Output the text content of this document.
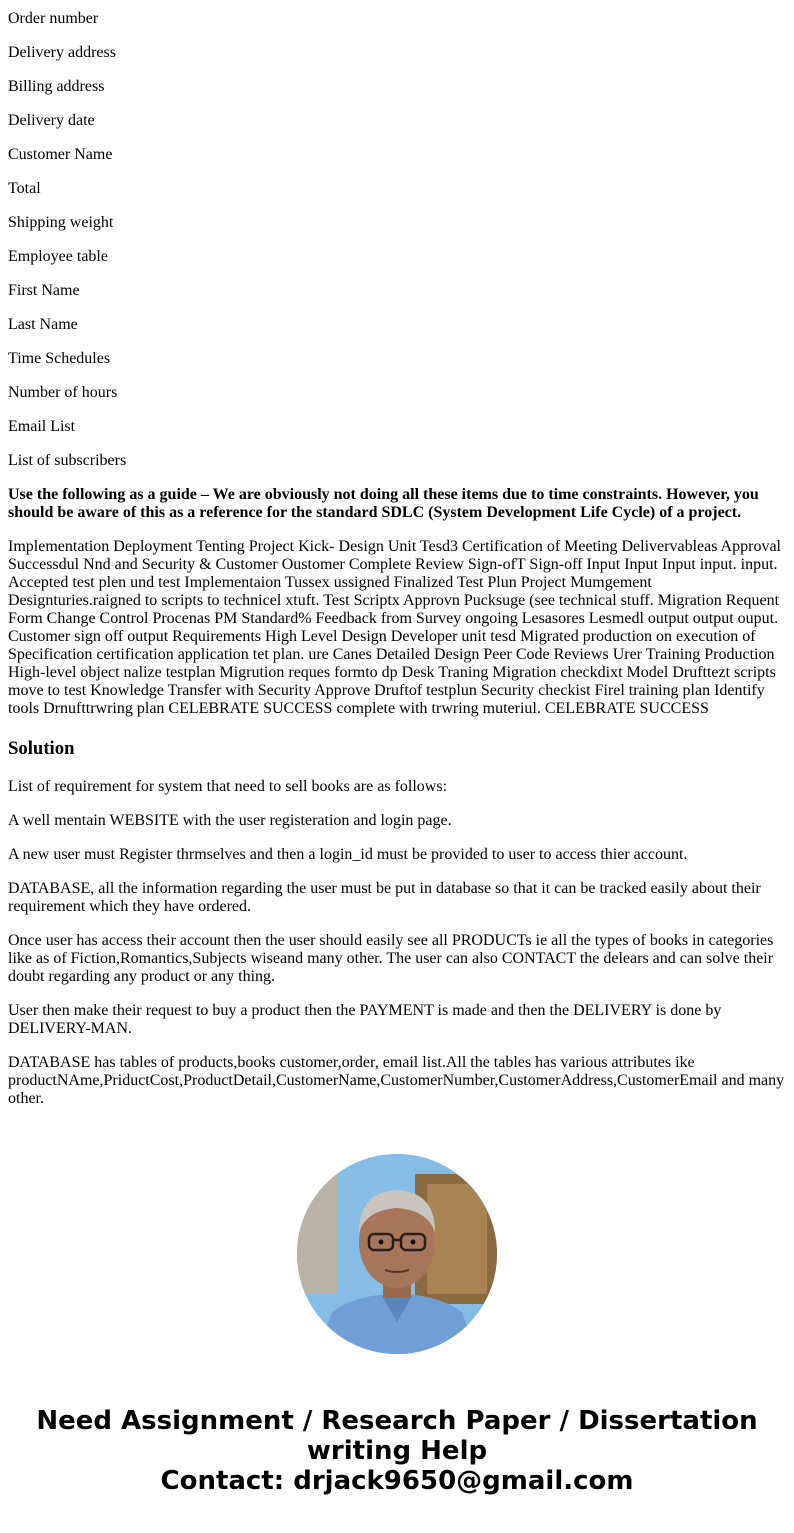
Order number

Delivery address

Billing address

Delivery date

Customer Name

Total

Shipping weight

Employee table

First Name

Last Name

Time Schedules

Number of hours

Email List

List of subscribers

Use the following as a guide – We are obviously not doing all these items due to time constraints. However, you should be aware of this as a reference for the standard SDLC (System Development Life Cycle) of a project.

Implementation Deployment Tenting Project Kick- Design Unit Tesd3 Certification of Meeting Delivervableas Approval Successdul Nnd and Security & Customer Oustomer Complete Review Sign-ofT Sign-off Input Input Input input. input. Accepted test plen und test Implementaion Tussex ussigned Finalized Test Plun Project Mumgement Designturies.raigned to scripts to technicel xtuft. Test Scriptx Approvn Pucksuge (see technical stuff. Migration Requent Form Change Control Procenas PM Standard% Feedback from Survey ongoing Lesasores Lesmedl output output ouput. Customer sign off output Requirements High Level Design Developer unit tesd Migrated production on execution of Specification certification application tet plan. ure Canes Detailed Design Peer Code Reviews Urer Training Production High-level object nalize testplan Migrution reques formto dp Desk Traning Migration checkdixt Model Drufttezt scripts move to test Knowledge Transfer with Security Approve Druftof testplun Security checkist Firel training plan Identify tools Drnufttrwring plan CELEBRATE SUCCESS complete with trwring muteriul. CELEBRATE SUCCESS

Solution

List of requirement for system that need to sell books are as follows:

A well mentain WEBSITE with the user registeration and login page.

A new user must Register thrmselves and then a login_id must be provided to user to access thier account.

DATABASE, all the information regarding the user must be put in database so that it can be tracked easily about their requirement which they have ordered.

Once user has access their account then the user should easily see all PRODUCTs ie all the types of books in categories like as of Fiction,Romantics,Subjects wiseand many other. The user can also CONTACT the delears and can solve their doubt regarding any product or any thing.

User then make their request to buy a product then the PAYMENT is made and then the DELIVERY is done by DELIVERY-MAN.

DATABASE has tables of products,books customer,order, email list.All the tables has various attributes ike productNAme,PriductCost,ProductDetail,CustomerName,CustomerNumber,CustomerAddress,CustomerEmail and many other.

Need Assignment / Research Paper / Dissertation writing Help
Contact: drjack9650@gmail.com
